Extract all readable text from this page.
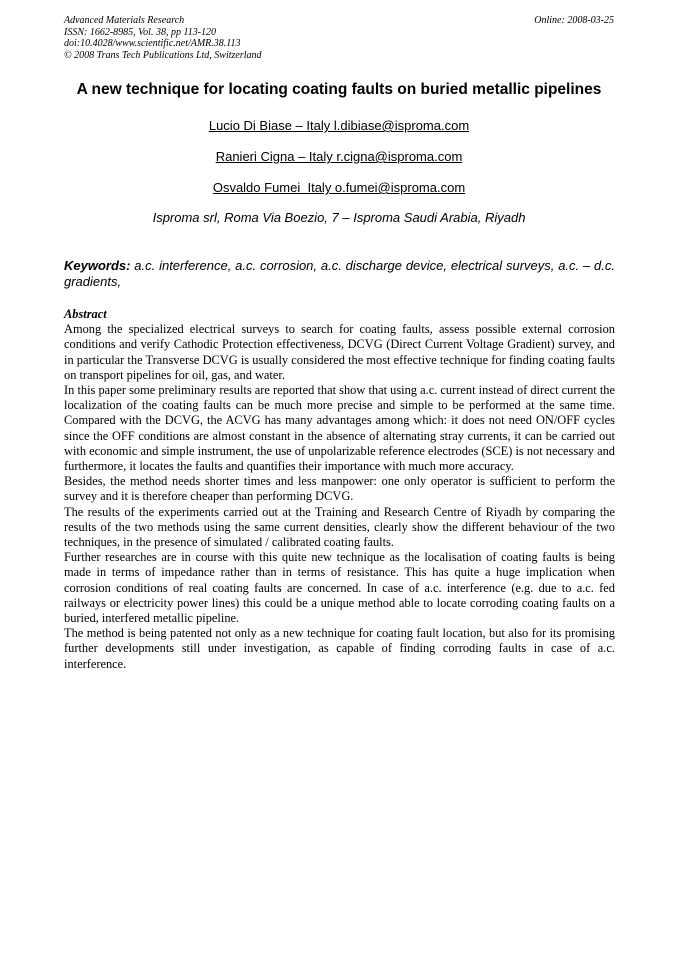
Advanced Materials Research
ISSN: 1662-8985, Vol. 38, pp 113-120
doi:10.4028/www.scientific.net/AMR.38.113
© 2008 Trans Tech Publications Ltd, Switzerland
Online: 2008-03-25
A new technique for locating coating faults on buried metallic pipelines
Lucio Di Biase – Italy l.dibiase@isproma.com
Ranieri Cigna – Italy r.cigna@isproma.com
Osvaldo Fumei  Italy o.fumei@isproma.com
Isproma srl, Roma Via Boezio, 7 – Isproma Saudi Arabia, Riyadh
Keywords: a.c. interference, a.c. corrosion, a.c. discharge device, electrical surveys, a.c. – d.c. gradients,
Abstract

Among the specialized electrical surveys to search for coating faults, assess possible external corrosion conditions and verify Cathodic Protection effectiveness, DCVG (Direct Current Voltage Gradient) survey, and in particular the Transverse DCVG is usually considered the most effective technique for finding coating faults on transport pipelines for oil, gas, and water.

In this paper some preliminary results are reported that show that using a.c. current instead of direct current the localization of the coating faults can be much more precise and simple to be performed at the same time. Compared with the DCVG, the ACVG has many advantages among which: it does not need ON/OFF cycles since the OFF conditions are almost constant in the absence of alternating stray currents, it can be carried out with economic and simple instrument, the use of unpolarizable reference electrodes (SCE) is not necessary and furthermore, it locates the faults and quantifies their importance with much more accuracy.

Besides, the method needs shorter times and less manpower: one only operator is sufficient to perform the survey and it is therefore cheaper than performing DCVG.

The results of the experiments carried out at the Training and Research Centre of Riyadh by comparing the results of the two methods using the same current densities, clearly show the different behaviour of the two techniques, in the presence of simulated / calibrated coating faults.

Further researches are in course with this quite new technique as the localisation of coating faults is being made in terms of impedance rather than in terms of resistance. This has quite a huge implication when corrosion conditions of real coating faults are concerned. In case of a.c. interference (e.g. due to a.c. fed railways or electricity power lines) this could be a unique method able to locate corroding coating faults on a buried, interfered metallic pipeline.

The method is being patented not only as a new technique for coating fault location, but also for its promising further developments still under investigation, as capable of finding corroding faults in case of a.c. interference.
